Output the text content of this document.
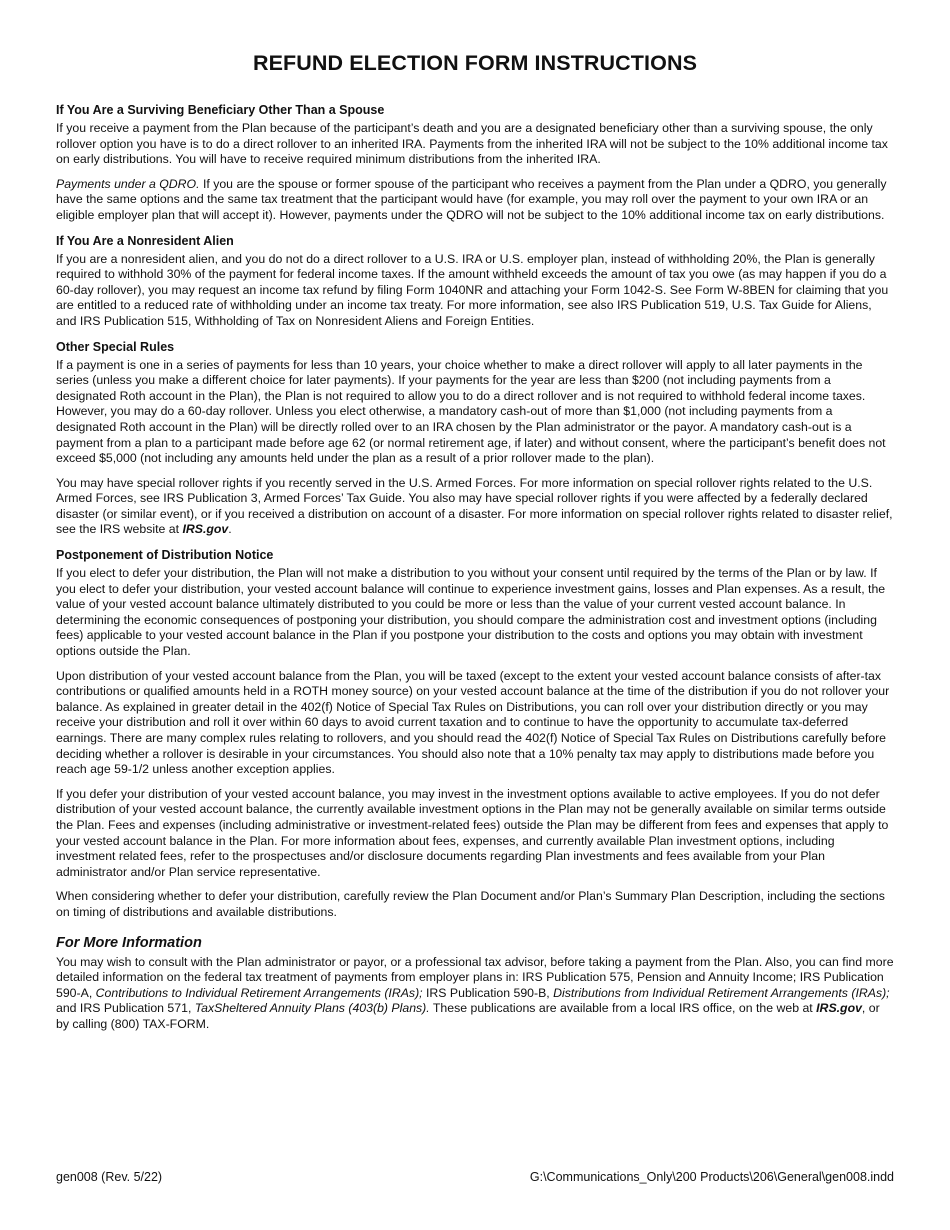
REFUND ELECTION FORM INSTRUCTIONS
If You Are a Surviving Beneficiary Other Than a Spouse

If you receive a payment from the Plan because of the participant’s death and you are a designated beneficiary other than a surviving spouse, the only rollover option you have is to do a direct rollover to an inherited IRA. Payments from the inherited IRA will not be subject to the 10% additional income tax on early distributions. You will have to receive required minimum distributions from the inherited IRA.

Payments under a QDRO. If you are the spouse or former spouse of the participant who receives a payment from the Plan under a QDRO, you generally have the same options and the same tax treatment that the participant would have (for example, you may roll over the payment to your own IRA or an eligible employer plan that will accept it). However, payments under the QDRO will not be subject to the 10% additional income tax on early distributions.

If You Are a Nonresident Alien

If you are a nonresident alien, and you do not do a direct rollover to a U.S. IRA or U.S. employer plan, instead of withholding 20%, the Plan is generally required to withhold 30% of the payment for federal income taxes. If the amount withheld exceeds the amount of tax you owe (as may happen if you do a 60-day rollover), you may request an income tax refund by filing Form 1040NR and attaching your Form 1042-S. See Form W-8BEN for claiming that you are entitled to a reduced rate of withholding under an income tax treaty. For more information, see also IRS Publication 519, U.S. Tax Guide for Aliens, and IRS Publication 515, Withholding of Tax on Nonresident Aliens and Foreign Entities.

Other Special Rules

If a payment is one in a series of payments for less than 10 years, your choice whether to make a direct rollover will apply to all later payments in the series (unless you make a different choice for later payments). If your payments for the year are less than $200 (not including payments from a designated Roth account in the Plan), the Plan is not required to allow you to do a direct rollover and is not required to withhold federal income taxes. However, you may do a 60-day rollover. Unless you elect otherwise, a mandatory cash-out of more than $1,000 (not including payments from a designated Roth account in the Plan) will be directly rolled over to an IRA chosen by the Plan administrator or the payor. A mandatory cash-out is a payment from a plan to a participant made before age 62 (or normal retirement age, if later) and without consent, where the participant’s benefit does not exceed $5,000 (not including any amounts held under the plan as a result of a prior rollover made to the plan).

You may have special rollover rights if you recently served in the U.S. Armed Forces. For more information on special rollover rights related to the U.S. Armed Forces, see IRS Publication 3, Armed Forces’ Tax Guide. You also may have special rollover rights if you were affected by a federally declared disaster (or similar event), or if you received a distribution on account of a disaster. For more information on special rollover rights related to disaster relief, see the IRS website at IRS.gov.

Postponement of Distribution Notice

If you elect to defer your distribution, the Plan will not make a distribution to you without your consent until required by the terms of the Plan or by law. If you elect to defer your distribution, your vested account balance will continue to experience investment gains, losses and Plan expenses. As a result, the value of your vested account balance ultimately distributed to you could be more or less than the value of your current vested account balance. In determining the economic consequences of postponing your distribution, you should compare the administration cost and investment options (including fees) applicable to your vested account balance in the Plan if you postpone your distribution to the costs and options you may obtain with investment options outside the Plan.

Upon distribution of your vested account balance from the Plan, you will be taxed (except to the extent your vested account balance consists of after-tax contributions or qualified amounts held in a ROTH money source) on your vested account balance at the time of the distribution if you do not rollover your balance. As explained in greater detail in the 402(f) Notice of Special Tax Rules on Distributions, you can roll over your distribution directly or you may receive your distribution and roll it over within 60 days to avoid current taxation and to continue to have the opportunity to accumulate tax-deferred earnings. There are many complex rules relating to rollovers, and you should read the 402(f) Notice of Special Tax Rules on Distributions carefully before deciding whether a rollover is desirable in your circumstances. You should also note that a 10% penalty tax may apply to distributions made before you reach age 59-1/2 unless another exception applies.

If you defer your distribution of your vested account balance, you may invest in the investment options available to active employees. If you do not defer distribution of your vested account balance, the currently available investment options in the Plan may not be generally available on similar terms outside the Plan. Fees and expenses (including administrative or investment-related fees) outside the Plan may be different from fees and expenses that apply to your vested account balance in the Plan. For more information about fees, expenses, and currently available Plan investment options, including investment related fees, refer to the prospectuses and/or disclosure documents regarding Plan investments and fees available from your Plan administrator and/or Plan service representative.

When considering whether to defer your distribution, carefully review the Plan Document and/or Plan’s Summary Plan Description, including the sections on timing of distributions and available distributions.

For More Information

You may wish to consult with the Plan administrator or payor, or a professional tax advisor, before taking a payment from the Plan. Also, you can find more detailed information on the federal tax treatment of payments from employer plans in: IRS Publication 575, Pension and Annuity Income; IRS Publication 590-A, Contributions to Individual Retirement Arrangements (IRAs); IRS Publication 590-B, Distributions from Individual Retirement Arrangements (IRAs); and IRS Publication 571, TaxSheltered Annuity Plans (403(b) Plans). These publications are available from a local IRS office, on the web at IRS.gov, or by calling (800) TAX-FORM.

gen008 (Rev. 5/22)	G:\Communications_Only\200 Products\206\General\gen008.indd
